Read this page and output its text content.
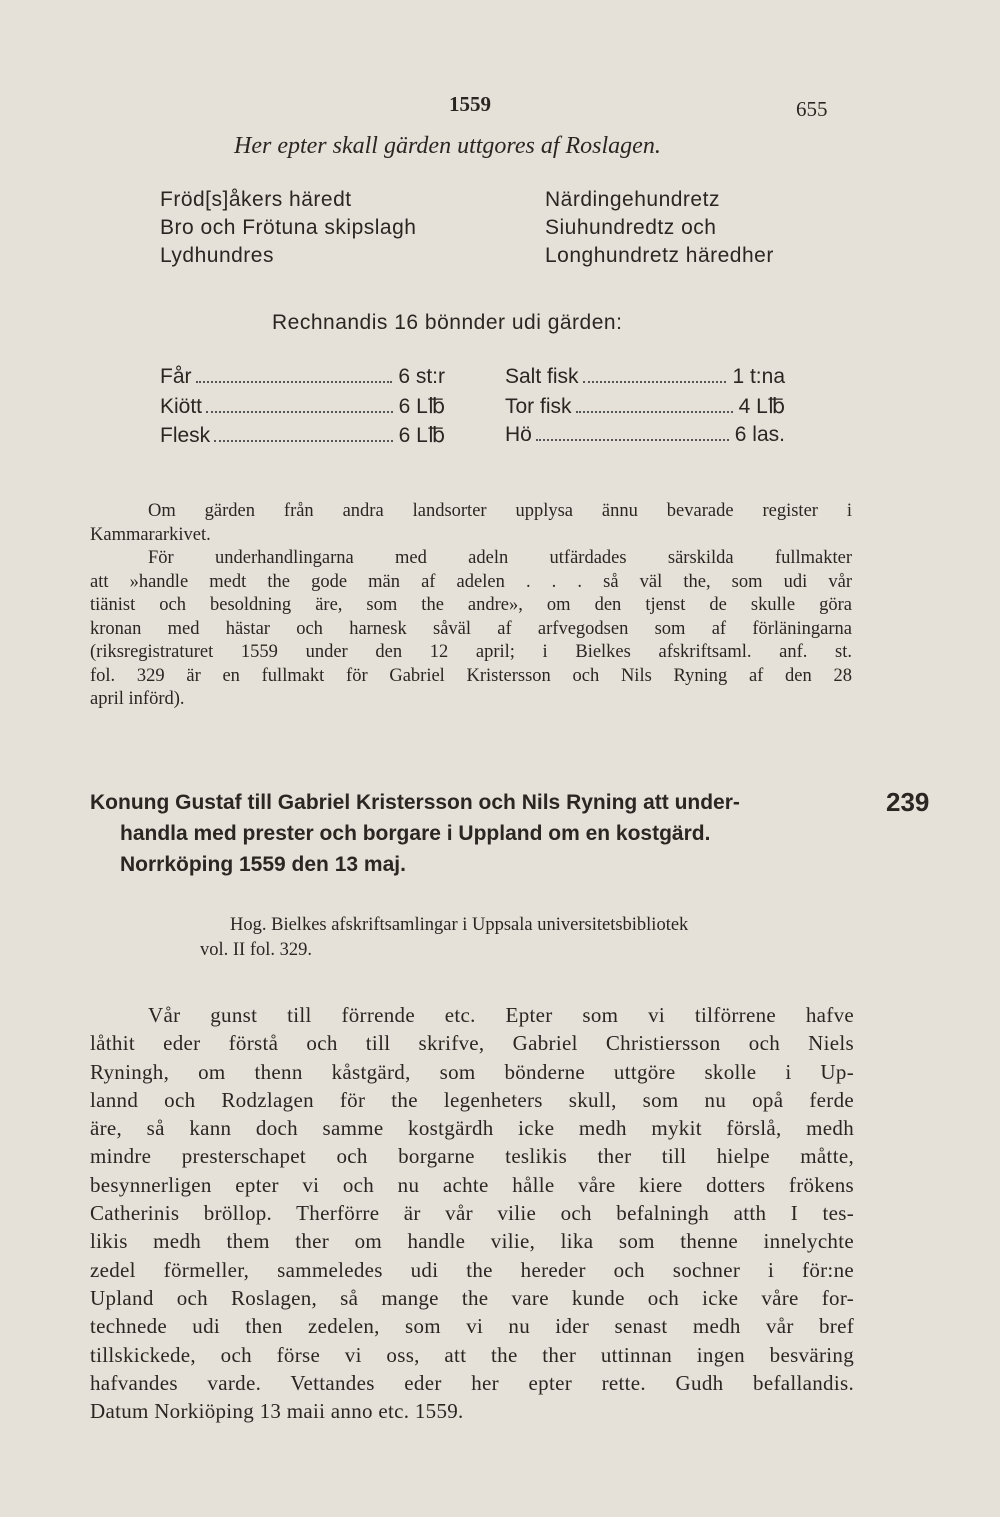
1559	655
Her epter skall gärden uttgores af Roslagen.
Fröd[s]åkers häredt
Bro och Frötuna skipslagh
Lydhundres
Närdingehundretz
Siuhundredtz och
Longhundretz häredher
Rechnandis 16 bönnder udi gärden:
Får	6 st:r
Kiött	6 L℔
Flesk	6 L℔
Salt fisk	1 t:na
Tor fisk	4 L℔
Hö	6 las.
Om gärden från andra landsorter upplysa ännu bevarade register i
Kammararkivet.
För underhandlingarna med adeln utfärdades särskilda fullmakter
att »handle medt the gode män af adelen . . . så väl the, som udi vår
tiänist och besoldning äre, som the andre», om den tjenst de skulle göra
kronan med hästar och harnesk såväl af arfvegodsen som af förläningarna
(riksregistraturet 1559 under den 12 april; i Bielkes afskriftsaml. anf. st.
fol. 329 är en fullmakt för Gabriel Kristersson och Nils Ryning af den 28
april införd).
Konung Gustaf till Gabriel Kristersson och Nils Ryning att under-
handla med prester och borgare i Uppland om en kostgärd.
Norrköping 1559 den 13 maj.
239
Hog. Bielkes afskriftsamlingar i Uppsala universitetsbibliotek
vol. II fol. 329.
Vår gunst till förrende etc. Epter som vi tilförrene hafve
låthit eder förstå och till skrifve, Gabriel Christiersson och Niels
Ryningh, om thenn kåstgärd, som bönderne uttgöre skolle i Up-
lannd och Rodzlagen för the legenheters skull, som nu opå ferde
äre, så kann doch samme kostgärdh icke medh mykit förslå, medh
mindre presterschapet och borgarne teslikis ther till hielpe måtte,
besynnerligen epter vi och nu achte hålle våre kiere dotters frökens
Catherinis bröllop. Therförre är vår vilie och befalningh atth I tes-
likis medh them ther om handle vilie, lika som thenne innelychte
zedel förmeller, sammeledes udi the hereder och sochner i för:ne
Upland och Roslagen, så mange the vare kunde och icke våre for-
technede udi then zedelen, som vi nu ider senast medh vår bref
tillskickede, och förse vi oss, att the ther uttinnan ingen besväring
hafvandes varde. Vettandes eder her epter rette. Gudh befallandis.
Datum Norkiöping 13 maii anno etc. 1559.
